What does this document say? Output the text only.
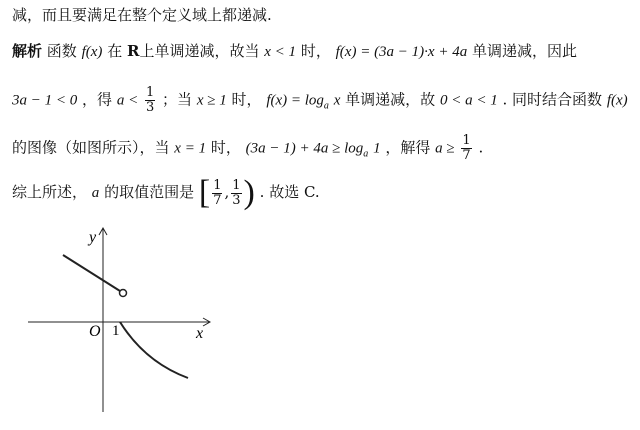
减，而且要满足在整个定义域上都递减.
解析 函数 f(x) 在 R上单调递减，故当 x < 1 时， f(x) = (3a − 1)·x + 4a 单调递减，因此
3a − 1 < 0 ，得 $a < \frac{1}{3}$ ；当 x ≥ 1 时， $f(x) = \log_a x$ 单调递减，故 0 < a < 1 . 同时结合函数 f(x)
的图像（如图所示），当 x = 1 时， $(3a - 1) + 4a \ge \log_a 1$ ，解得 $a \ge \frac{1}{7}$ .
综上所述， a 的取值范围是 [ $\frac{1}{7}$ , $\frac{1}{3}$ ) . 故选 C.
y
x
O 1
